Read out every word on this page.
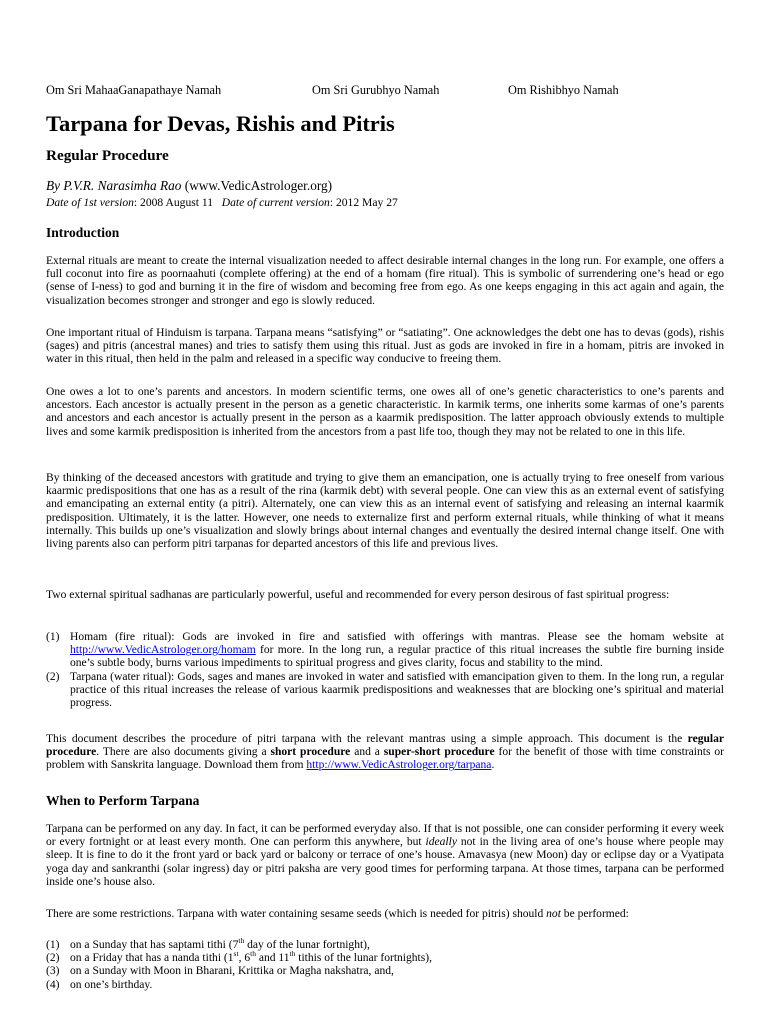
Om Sri MahaaGanapathaye Namah	Om Sri Gurubhyo Namah	Om Rishibhyo Namah
Tarpana for Devas, Rishis and Pitris
Regular Procedure
By P.V.R. Narasimha Rao (www.VedicAstrologer.org)
Date of 1st version: 2008 August 11 Date of current version: 2012 May 27
Introduction

External rituals are meant to create the internal visualization needed to affect desirable internal changes in the long run. For example, one offers a full coconut into fire as poornaahuti (complete offering) at the end of a homam (fire ritual). This is symbolic of surrendering one’s head or ego (sense of I-ness) to god and burning it in the fire of wisdom and becoming free from ego. As one keeps engaging in this act again and again, the visualization becomes stronger and stronger and ego is slowly reduced.

One important ritual of Hinduism is tarpana. Tarpana means “satisfying” or “satiating”. One acknowledges the debt one has to devas (gods), rishis (sages) and pitris (ancestral manes) and tries to satisfy them using this ritual. Just as gods are invoked in fire in a homam, pitris are invoked in water in this ritual, then held in the palm and released in a specific way conducive to freeing them.

One owes a lot to one’s parents and ancestors. In modern scientific terms, one owes all of one’s genetic characteristics to one’s parents and ancestors. Each ancestor is actually present in the person as a genetic characteristic. In karmik terms, one inherits some karmas of one’s parents and ancestors and each ancestor is actually present in the person as a kaarmik predisposition. The latter approach obviously extends to multiple lives and some karmik predisposition is inherited from the ancestors from a past life too, though they may not be related to one in this life.

By thinking of the deceased ancestors with gratitude and trying to give them an emancipation, one is actually trying to free oneself from various kaarmic predispositions that one has as a result of the rina (karmik debt) with several people. One can view this as an external event of satisfying and emancipating an external entity (a pitri). Alternately, one can view this as an internal event of satisfying and releasing an internal kaarmik predisposition. Ultimately, it is the latter. However, one needs to externalize first and perform external rituals, while thinking of what it means internally. This builds up one’s visualization and slowly brings about internal changes and eventually the desired internal change itself. One with living parents also can perform pitri tarpanas for departed ancestors of this life and previous lives.

Two external spiritual sadhanas are particularly powerful, useful and recommended for every person desirous of fast spiritual progress:

(1) Homam (fire ritual): Gods are invoked in fire and satisfied with offerings with mantras. Please see the homam website at http://www.VedicAstrologer.org/homam for more. In the long run, a regular practice of this ritual increases the subtle fire burning inside one’s subtle body, burns various impediments to spiritual progress and gives clarity, focus and stability to the mind.
(2) Tarpana (water ritual): Gods, sages and manes are invoked in water and satisfied with emancipation given to them. In the long run, a regular practice of this ritual increases the release of various kaarmik predispositions and weaknesses that are blocking one’s spiritual and material progress.

This document describes the procedure of pitri tarpana with the relevant mantras using a simple approach. This document is the regular procedure. There are also documents giving a short procedure and a super-short procedure for the benefit of those with time constraints or problem with Sanskrita language. Download them from http://www.VedicAstrologer.org/tarpana.

When to Perform Tarpana

Tarpana can be performed on any day. In fact, it can be performed everyday also. If that is not possible, one can consider performing it every week or every fortnight or at least every month. One can perform this anywhere, but ideally not in the living area of one’s house where people may sleep. It is fine to do it the front yard or back yard or balcony or terrace of one’s house. Amavasya (new Moon) day or eclipse day or a Vyatipata yoga day and sankranthi (solar ingress) day or pitri paksha are very good times for performing tarpana. At those times, tarpana can be performed inside one’s house also.

There are some restrictions. Tarpana with water containing sesame seeds (which is needed for pitris) should not be performed:

(1) on a Sunday that has saptami tithi (7th day of the lunar fortnight),
(2) on a Friday that has a nanda tithi (1st, 6th and 11th tithis of the lunar fortnights),
(3) on a Sunday with Moon in Bharani, Krittika or Magha nakshatra, and,
(4) on one’s birthday.
